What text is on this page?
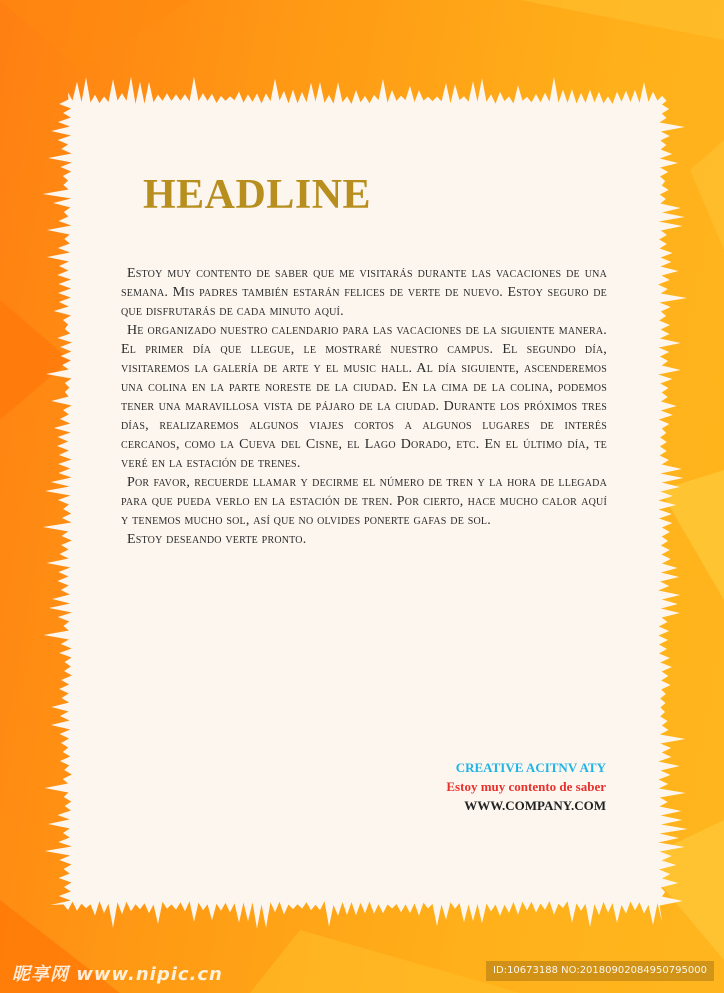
HEADLINE

Estoy muy contento de saber que me visitarás durante las vacaciones de una semana. Mis padres también estarán felices de verte de nuevo. Estoy seguro de que disfrutarás de cada minuto aquí.

He organizado nuestro calendario para las vacaciones de la siguiente manera. El primer día que llegue, le mostraré nuestro campus. El segundo día, visitaremos la galería de arte y el music hall. Al día siguiente, ascenderemos una colina en la parte noreste de la ciudad. En la cima de la colina, podemos tener una maravillosa vista de pájaro de la ciudad. Durante los próximos tres días, realizaremos algunos viajes cortos a algunos lugares de interés cercanos, como la Cueva del Cisne, el Lago Dorado, etc. En el último día, te veré en la estación de trenes.

Por favor, recuerde llamar y decirme el número de tren y la hora de llegada para que pueda verlo en la estación de tren. Por cierto, hace mucho calor aquí y tenemos mucho sol, así que no olvides ponerte gafas de sol.

Estoy deseando verte pronto.

CREATIVE ACITNV ATY
Estoy muy contento de saber
WWW.COMPANY.COM
昵享网 www.nipic.cn	ID:10673188 NO:20180902084950795000
